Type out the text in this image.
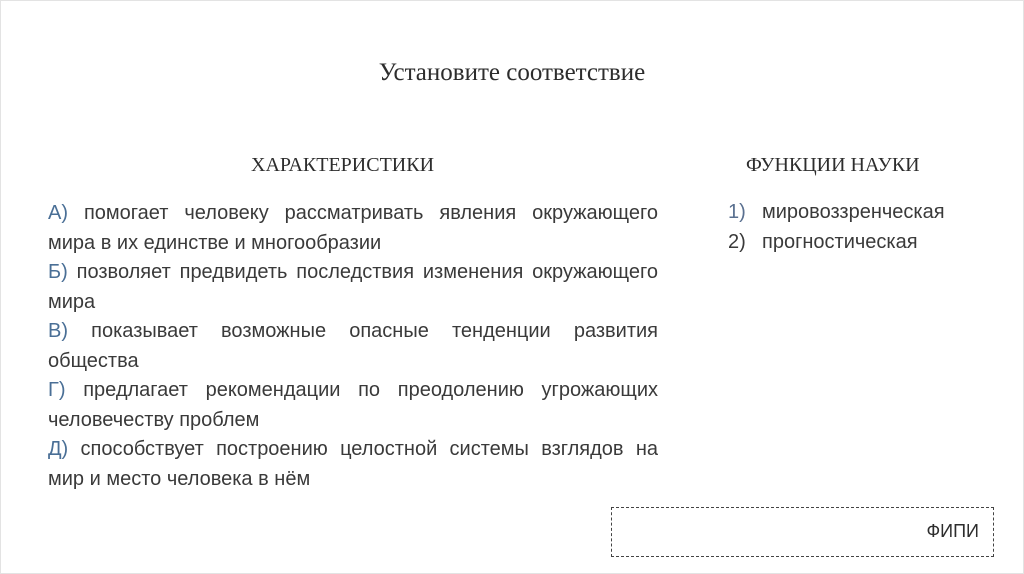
Установите соответствие
ХАРАКТЕРИСТИКИ	ФУНКЦИИ НАУКИ
А) помогает человеку рассматривать явления окружающего мира в их единстве и многообразии
Б) позволяет предвидеть последствия изменения окружающего мира
В) показывает возможные опасные тенденции развития общества
Г) предлагает рекомендации по преодолению угрожающих человечеству проблем
Д) способствует построению целостной системы взглядов на мир и место человека в нём
1) мировоззренческая
2) прогностическая
ФИПИ
